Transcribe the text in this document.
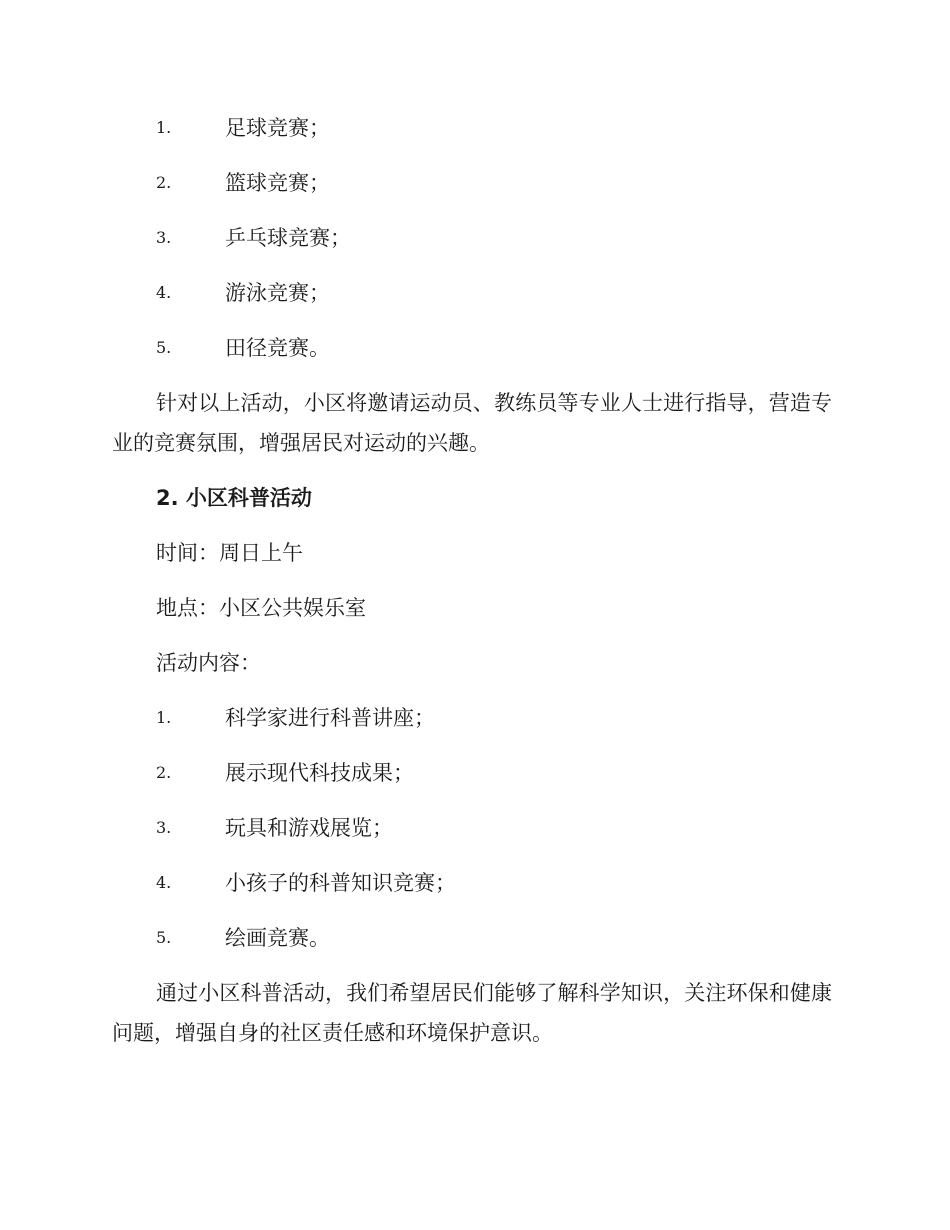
1.	足球竞赛；
2.	篮球竞赛；
3.	乒乓球竞赛；
4.	游泳竞赛；
5.	田径竞赛。

针对以上活动，小区将邀请运动员、教练员等专业人士进行指导，营造专业的竞赛氛围，增强居民对运动的兴趣。

2. 小区科普活动
时间：周日上午
地点：小区公共娱乐室
活动内容：
1.	科学家进行科普讲座；
2.	展示现代科技成果；
3.	玩具和游戏展览；
4.	小孩子的科普知识竞赛；
5.	绘画竞赛。

通过小区科普活动，我们希望居民们能够了解科学知识，关注环保和健康问题，增强自身的社区责任感和环境保护意识。
